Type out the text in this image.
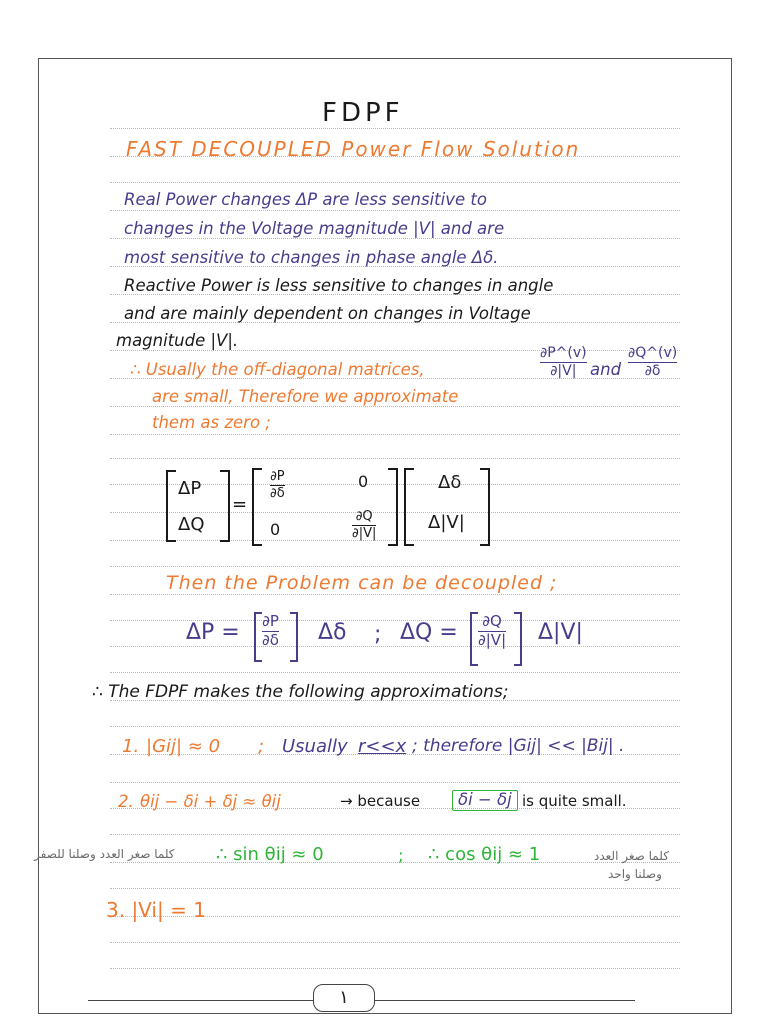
FDPF
FAST DECOUPLED Power Flow Solution
Real Power changes ΔP are less sensitive to
changes in the Voltage magnitude |V| and are
most sensitive to changes in phase angle Δδ.
Reactive Power is less sensitive to changes in angle
and are mainly dependent on changes in Voltage
magnitude |V|.
∴ Usually the off-diagonal matrices,	$\frac{\partial P\^{}(v)}{\partial|V|}$ and $\frac{\partial Q\^{}(v)}{\partial\delta}$
are small, Therefore we approximate
them as zero ;
ΔP
ΔQ
=
$\frac{\partial P}{\partial\delta}$	0
0	$\frac{\partial Q}{\partial|V|}$
Δδ
Δ|V|
Then the Problem can be decoupled ;
$\Delta P = \frac{\partial P}{\partial\delta}$ Δδ ; $\Delta Q = \frac{\partial Q}{\partial|V|} \Delta|V|$
∴ The FDPF makes the following approximations;
1. |Gij| ≈ 0 ; Usually r<<x ; therefore |Gij| << |Bij| .
2. θij − δi + δj ≈ θij	→ because	δi − δj is quite small.
كلما صغر العدد وصلنا للصفر ∴ sin θij ≈ 0	; ∴ cos θij ≈ 1	كلما صغر العدد
وصلنا واحد
3. |Vi| = 1
١
